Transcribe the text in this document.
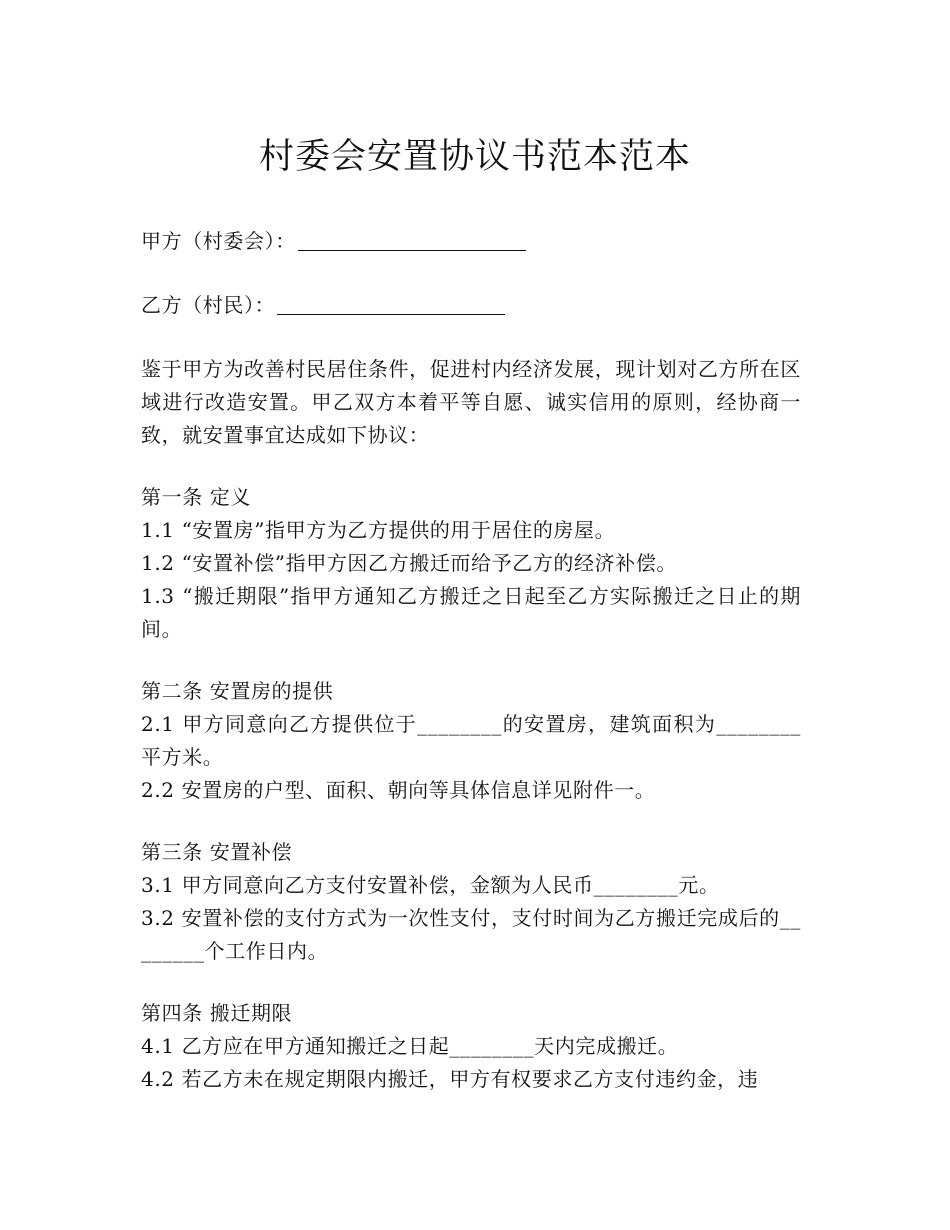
村委会安置协议书范本范本
甲方（村委会）：
乙方（村民）：
鉴于甲方为改善村民居住条件，促进村内经济发展，现计划对乙方所在区域进行改造安置。甲乙双方本着平等自愿、诚实信用的原则，经协商一致，就安置事宜达成如下协议：
第一条 定义
1.1 “安置房”指甲方为乙方提供的用于居住的房屋。
1.2 “安置补偿”指甲方因乙方搬迁而给予乙方的经济补偿。
1.3 “搬迁期限”指甲方通知乙方搬迁之日起至乙方实际搬迁之日止的期间。
第二条 安置房的提供
2.1 甲方同意向乙方提供位于________的安置房，建筑面积为________平方米。
2.2 安置房的户型、面积、朝向等具体信息详见附件一。
第三条 安置补偿
3.1 甲方同意向乙方支付安置补偿，金额为人民币________元。
3.2 安置补偿的支付方式为一次性支付，支付时间为乙方搬迁完成后的________个工作日内。
第四条 搬迁期限
4.1 乙方应在甲方通知搬迁之日起________天内完成搬迁。
4.2 若乙方未在规定期限内搬迁，甲方有权要求乙方支付违约金，违
